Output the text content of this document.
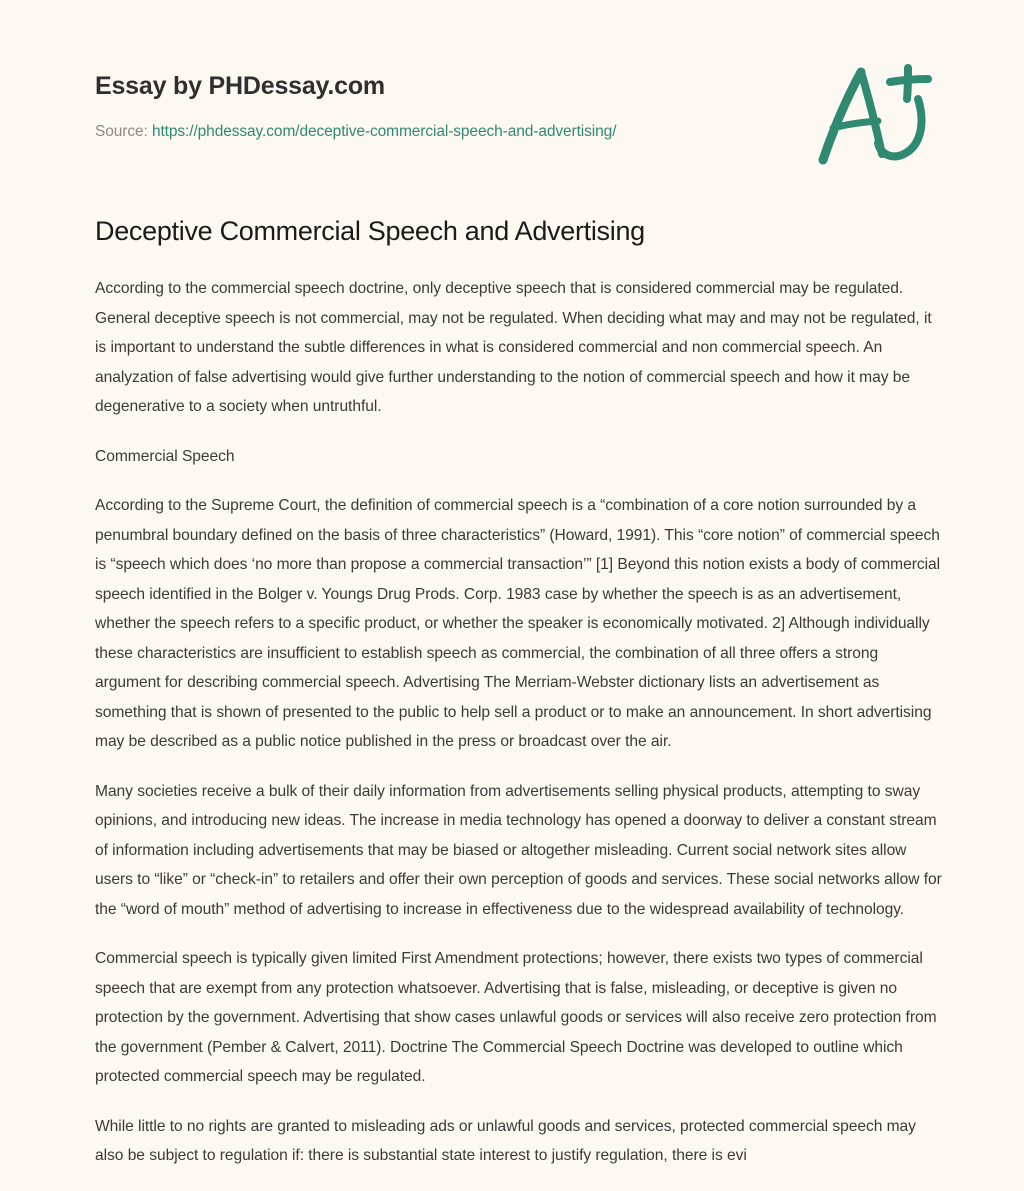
Essay by PHDessay.com
Source: https://phdessay.com/deceptive-commercial-speech-and-advertising/
Deceptive Commercial Speech and Advertising

According to the commercial speech doctrine, only deceptive speech that is considered commercial may be regulated. General deceptive speech is not commercial, may not be regulated. When deciding what may and may not be regulated, it is important to understand the subtle differences in what is considered commercial and non commercial speech. An analyzation of false advertising would give further understanding to the notion of commercial speech and how it may be degenerative to a society when untruthful.

Commercial Speech

According to the Supreme Court, the definition of commercial speech is a “combination of a core notion surrounded by a penumbral boundary defined on the basis of three characteristics” (Howard, 1991). This “core notion” of commercial speech is “speech which does ‘no more than propose a commercial transaction’” [1] Beyond this notion exists a body of commercial speech identified in the Bolger v. Youngs Drug Prods. Corp. 1983 case by whether the speech is as an advertisement, whether the speech refers to a specific product, or whether the speaker is economically motivated. 2] Although individually these characteristics are insufficient to establish speech as commercial, the combination of all three offers a strong argument for describing commercial speech. Advertising The Merriam-Webster dictionary lists an advertisement as something that is shown of presented to the public to help sell a product or to make an announcement. In short advertising may be described as a public notice published in the press or broadcast over the air.

Many societies receive a bulk of their daily information from advertisements selling physical products, attempting to sway opinions, and introducing new ideas. The increase in media technology has opened a doorway to deliver a constant stream of information including advertisements that may be biased or altogether misleading. Current social network sites allow users to “like” or “check-in” to retailers and offer their own perception of goods and services. These social networks allow for the “word of mouth” method of advertising to increase in effectiveness due to the widespread availability of technology.

Commercial speech is typically given limited First Amendment protections; however, there exists two types of commercial speech that are exempt from any protection whatsoever. Advertising that is false, misleading, or deceptive is given no protection by the government. Advertising that show cases unlawful goods or services will also receive zero protection from the government (Pember & Calvert, 2011). Doctrine The Commercial Speech Doctrine was developed to outline which protected commercial speech may be regulated.

While little to no rights are granted to misleading ads or unlawful goods and services, protected commercial speech may also be subject to regulation if: there is substantial state interest to justify regulation, there is evi
